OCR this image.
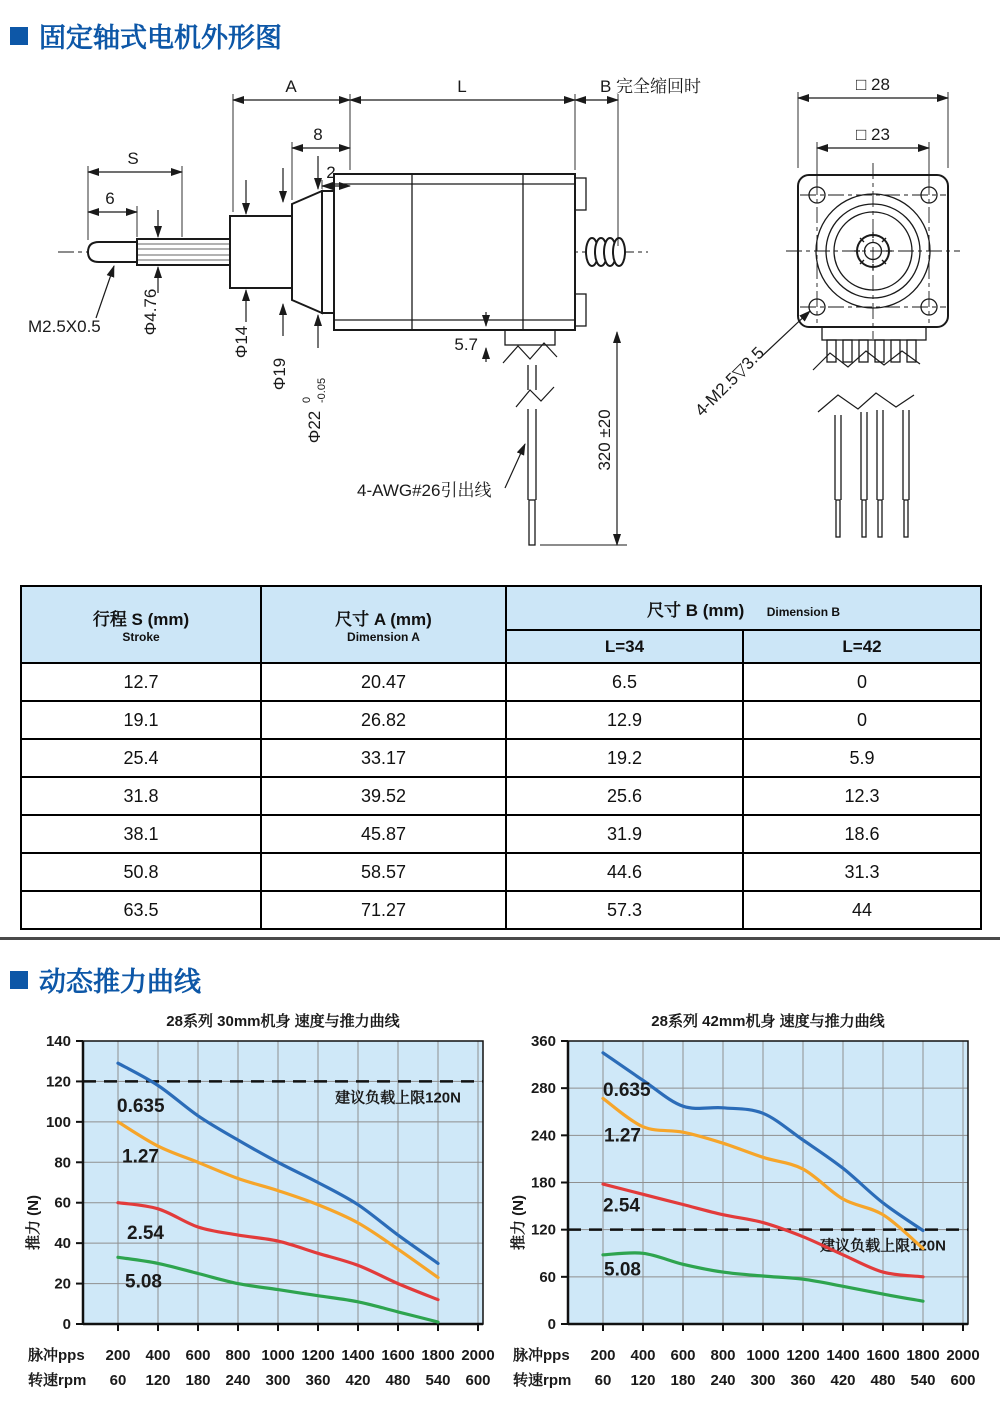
固定轴式电机外形图
A	L	B 完全缩回时
8
2
S
6
M2.5X0.5 Φ4.76
Φ14
Φ19
Φ22
0 -0.05
5.7
320 ±20
4-AWG#26引出线
□ 28
□ 23
4-M2.5▽3.5
行程 S (mm)
Stroke

尺寸 A (mm)
Dimension A
	尺寸 B (mm) Dimension B
		L=34	L=42
12.7	20.47	6.5	0
19.1	26.82	12.9	0
25.4	33.17	19.2	5.9
31.8	39.52	25.6	12.3
38.1	45.87	31.9	18.6
50.8	58.57	44.6	31.3
63.5	71.27	57.3	44
动态推力曲线
28系列 30mm机身 速度与推力曲线
140
120
100
80
60
40
20
0
推力 (N)
建议负载上限120N
0.635
1.27
2.54
5.08
脉冲pps 200 400 600 800 1000 1200 1400 1600 1800 2000
转速rpm 60 120 180 240 300 360 420 480 540 600
28系列 42mm机身 速度与推力曲线
360
280
240
180
120
60
0
推力 (N)	建议负载上限120N
0.635
1.27
2.54
5.08
脉冲pps 200 400 600 800 1000 1200 1400 1600 1800 2000
转速rpm 60 120 180 240 300 360 420 480 540 600
